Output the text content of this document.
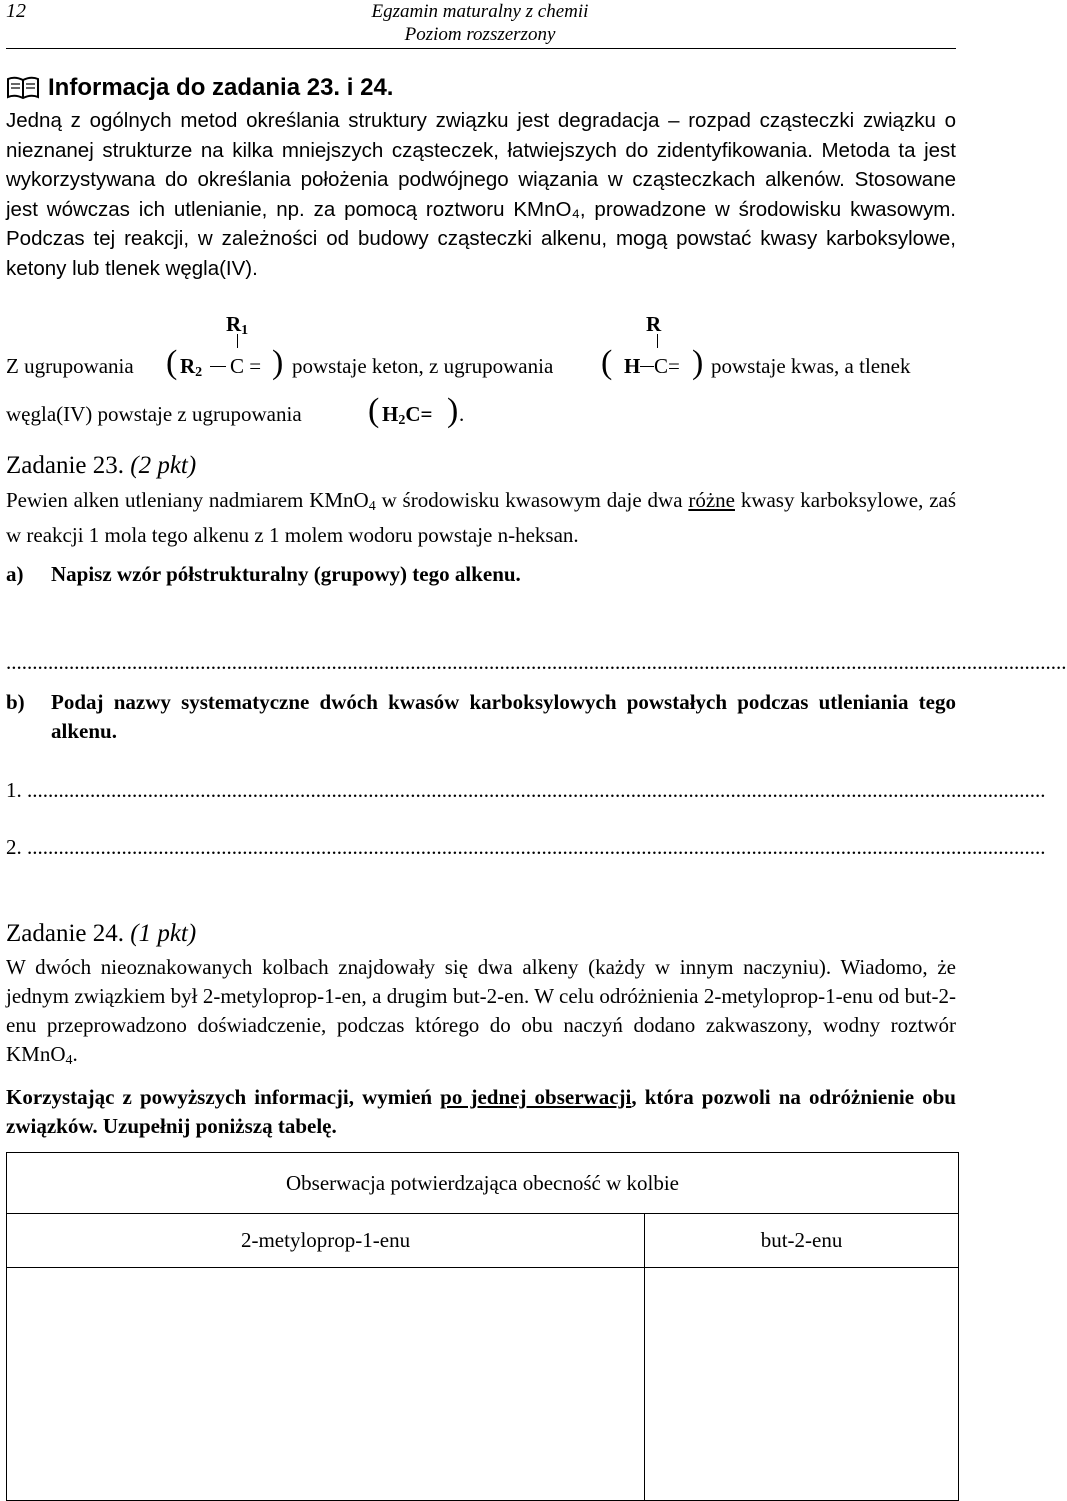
12	Egzamin maturalny z chemii
Poziom rozszerzony
Informacja do zadania 23. i 24.

Jedną z ogólnych metod określania struktury związku jest degradacja – rozpad cząsteczki związku o nieznanej strukturze na kilka mniejszych cząsteczek, łatwiejszych do zidentyfikowania. Metoda ta jest wykorzystywana do określania położenia podwójnego wiązania w cząsteczkach alkenów. Stosowane jest wówczas ich utlenianie, np. za pomocą roztworu KMnO₄, prowadzone w środowisku kwasowym. Podczas tej reakcji, w zależności od budowy cząsteczki alkenu, mogą powstać kwasy karboksylowe, ketony lub tlenek węgla(IV).

$R_1$	R
Z ugrupowania ( $R_2$ C = ) powstaje keton, z ugrupowania ( H C= ) powstaje kwas, a tlenek
węgla(IV) powstaje z ugrupowania ( $H_2C=$ ) .
Zadanie 23. (2 pkt)

Pewien alken utleniany nadmiarem KMnO$_4$ w środowisku kwasowym daje dwa różne kwasy karboksylowe, zaś w reakcji 1 mola tego alkenu z 1 molem wodoru powstaje n-heksan.

a)	Napisz wzór półstrukturalny (grupowy) tego alkenu.
..........................................................................................................................................................................................................
b)	Podaj nazwy systematyczne dwóch kwasów karboksylowych powstałych podczas utleniania tego alkenu.
1. ..................................................................................................................................................................................................
2. ..................................................................................................................................................................................................
Zadanie 24. (1 pkt)

W dwóch nieoznakowanych kolbach znajdowały się dwa alkeny (każdy w innym naczyniu). Wiadomo, że jednym związkiem był 2-metyloprop-1-en, a drugim but-2-en. W celu odróżnienia 2-metyloprop-1-enu od but-2-enu przeprowadzono doświadczenie, podczas którego do obu naczyń dodano zakwaszony, wodny roztwór KMnO$_4$.

Korzystając z powyższych informacji, wymień po jednej obserwacji, która pozwoli na odróżnienie obu związków. Uzupełnij poniższą tabelę.

Obserwacja potwierdzająca obecność w kolbie	
2-metyloprop-1-enu	but-2-enu
